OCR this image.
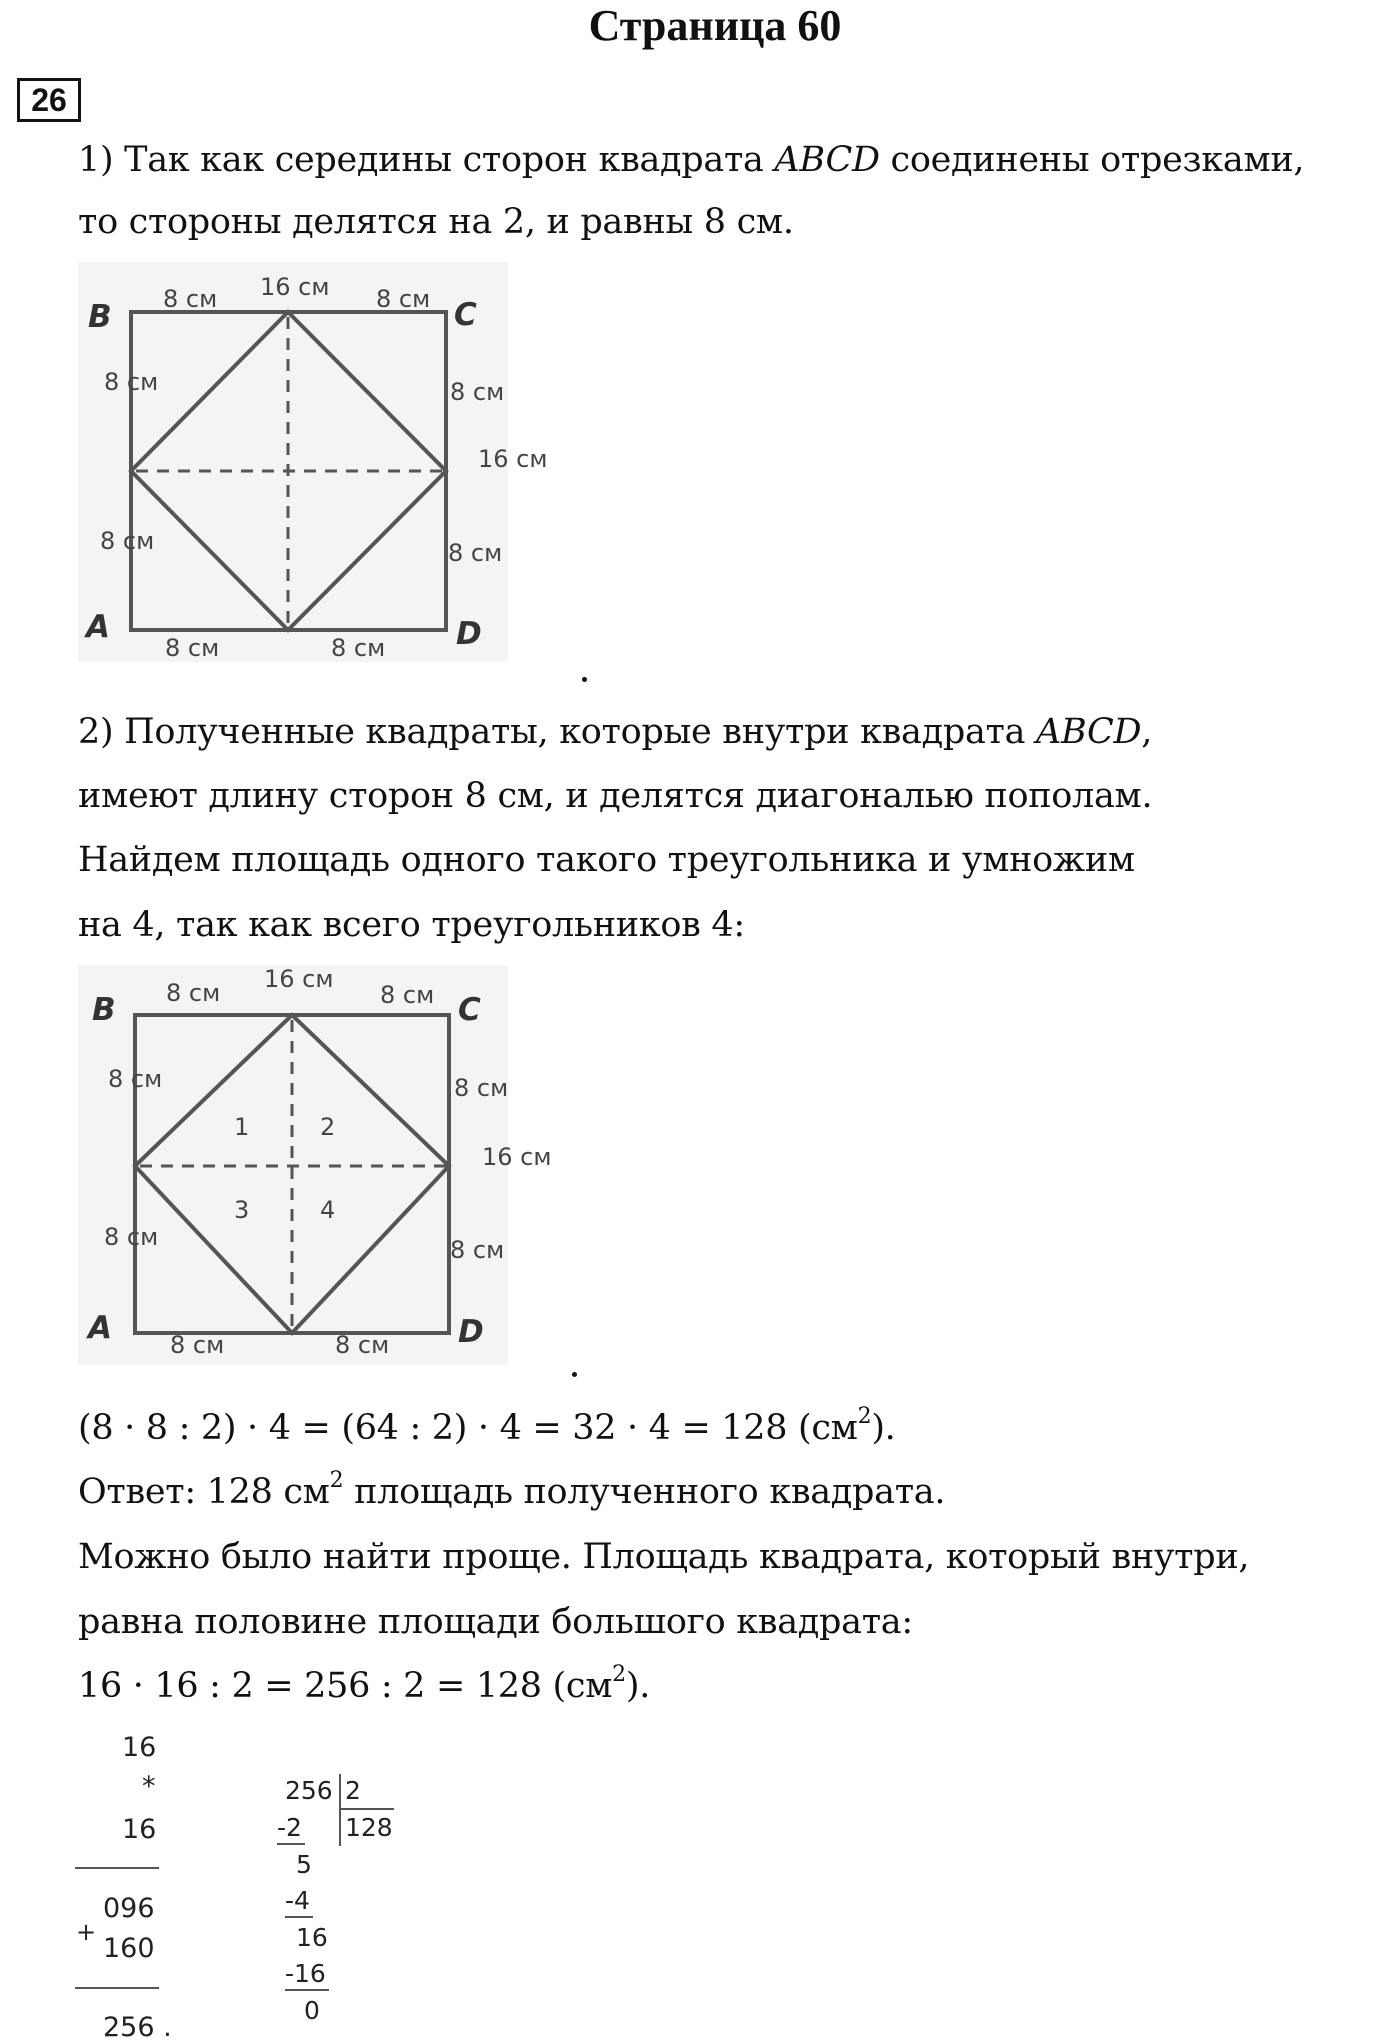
Страница 60
26
1) Так как середины сторон квадрата ABCD соединены отрезками,
то стороны делятся на 2, и равны 8 см.
B	C
A	D
16 см
8 см	8 см
8 см
8 см
8 см
16 см
8 см
8 см	8 см
2) Полученные квадраты, которые внутри квадрата ABCD,
имеют длину сторон 8 см, и делятся диагональю пополам.
Найдем площадь одного такого треугольника и умножим
на 4, так как всего треугольников 4:
B	C
A	D
16 см
8 см	8 см
8 см
8 см
8 см
16 см
8 см
8 см	8 см
1	2
3	4
(8 · 8 : 2) · 4 = (64 : 2) · 4 = 32 · 4 = 128 $(см^2)$.
Ответ: 128 $см^2$ площадь полученного квадрата.
Можно было найти проще. Площадь квадрата, который внутри,
равна половине площади большого квадрата:
16 · 16 : 2 = 256 : 2 = 128 $(см^2)$.
16
*
16
096
+
160
256 .
256 2
128
-2
5
-4
16
-16
0
